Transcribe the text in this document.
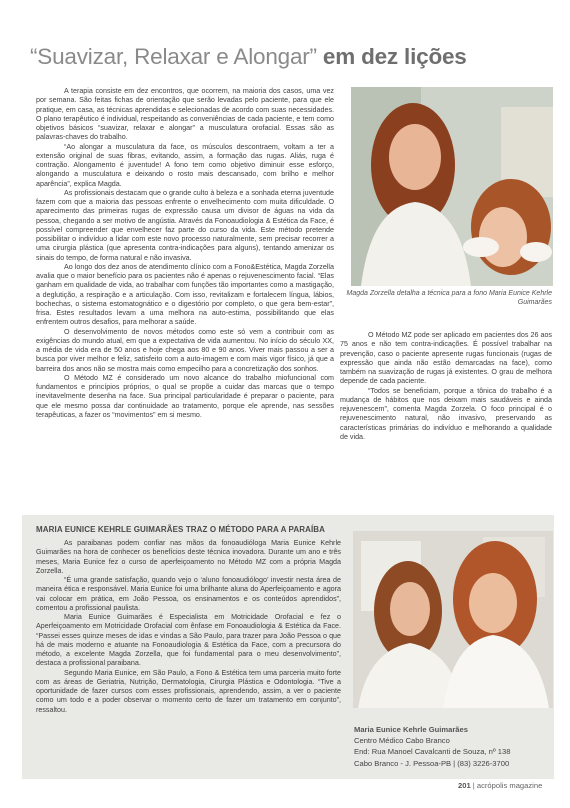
“Suavizar, Relaxar e Alongar” em dez lições

A terapia consiste em dez encontros, que ocorrem, na maioria dos casos, uma vez por semana. São feitas fichas de orientação que serão levadas pelo paciente, para que ele pratique, em casa, as técnicas aprendidas e selecionadas de acordo com suas necessidades. O plano terapêutico é individual, respeitando as conveniências de cada paciente, e tem como objetivos básicos “suavizar, relaxar e alongar” a musculatura orofacial. Essas são as palavras-chaves do trabalho.

“Ao alongar a musculatura da face, os músculos descontraem, voltam a ter a extensão original de suas fibras, evitando, assim, a formação das rugas. Aliás, ruga é contração. Alongamento é juventude! A fono tem como objetivo diminuir esse esforço, alongando a musculatura e deixando o rosto mais descansado, com brilho e melhor aparência”, explica Magda.

As profissionais destacam que o grande culto à beleza e a sonhada eterna juventude fazem com que a maioria das pessoas enfrente o envelhecimento com muita dificuldade. O aparecimento das primeiras rugas de expressão causa um divisor de águas na vida da pessoa, chegando a ser motivo de angústia. Através da Fonoaudiologia & Estética da Face, é possível compreender que envelhecer faz parte do curso da vida. Este método pretende possibilitar o indivíduo a lidar com este novo processo naturalmente, sem precisar recorrer a uma cirurgia plástica (que apresenta contra-indicações para alguns), tentando amenizar os sinais do tempo, de forma natural e não invasiva.

Ao longo dos dez anos de atendimento clínico com a Fono&Estética, Magda Zorzella avalia que o maior benefício para os pacientes não é apenas o rejuvenescimento facial. “Elas ganham em qualidade de vida, ao trabalhar com funções tão importantes como a mastigação, a deglutição, a respiração e a articulação. Com isso, revitalizam e fortalecem língua, lábios, bochechas, o sistema estomatognático e o digestório por completo, o que gera bem-estar”, frisa. Estes resultados levam a uma melhora na auto-estima, possibilitando que elas enfrentem outros desafios, para melhorar a saúde.

O desenvolvimento de novos métodos como este só vem a contribuir com as exigências do mundo atual, em que a expectativa de vida aumentou. No início do século XX, a média de vida era de 50 anos e hoje chega aos 80 e 90 anos. Viver mais passou a ser a busca por viver melhor e feliz, satisfeito com a auto-imagem e com mais vigor físico, já que a barreira dos anos não se mostra mais como empecilho para a concretização dos sonhos.

O Método MZ é considerado um novo alcance do trabalho miofuncional com fundamentos e princípios próprios, o qual se propõe a cuidar das marcas que o tempo inevitavelmente desenha na face. Sua principal particularidade é preparar o paciente, para que ele mesmo possa dar continuidade ao tratamento, porque ele aprende, nas sessões terapêuticas, a fazer os “movimentos” em si mesmo.

Magda Zorzella detalha a técnica para a fono Maria Eunice Kehrle Guimarães

O Método MZ pode ser aplicado em pacientes dos 26 aos 75 anos e não tem contra-indicações. É possível trabalhar na prevenção, caso o paciente apresente rugas funcionais (rugas de expressão que ainda não estão demarcadas na face), como também na suavização de rugas já existentes. O grau de melhora depende de cada paciente.

“Todos se beneficiam, porque a tônica do trabalho é a mudança de hábitos que nos deixam mais saudáveis e ainda rejuvenescem”, comenta Magda Zorzela. O foco principal é o rejuvenescimento natural, não invasivo, preservando as características primárias do indivíduo e melhorando a qualidade de vida.

MARIA EUNICE KEHRLE GUIMARÃES TRAZ O MÉTODO PARA A PARAÍBA

As paraibanas podem confiar nas mãos da fonoaudióloga Maria Eunice Kehrle Guimarães na hora de conhecer os benefícios deste técnica inovadora. Durante um ano e três meses, Maria Eunice fez o curso de aperfeiçoamento no Método MZ com a própria Magda Zorzella.

“É uma grande satisfação, quando vejo o ‘aluno fonoaudiólogo’ investir nesta área de maneira ética e responsável. Maria Eunice foi uma brilhante aluna do Aperfeiçoamento e agora vai colocar em prática, em João Pessoa, os ensinamentos e os conteúdos aprendidos”, comentou a profissional paulista.

Maria Eunice Guimarães é Especialista em Motricidade Orofacial e fez o Aperfeiçoamento em Motricidade Orofacial com ênfase em Fonoaudiologia & Estética da Face. “Passei esses quinze meses de idas e vindas a São Paulo, para trazer para João Pessoa o que há de mais moderno e atuante na Fonoaudiologia & Estética da Face, com a precursora do método, a excelente Magda Zorzella, que foi fundamental para o meu desenvolvimento”, destaca a profissional paraibana.

Segundo Maria Eunice, em São Paulo, a Fono & Estética tem uma parceria muito forte com as áreas de Geriatria, Nutrição, Dermatologia, Cirurgia Plástica e Odontologia. “Tive a oportunidade de fazer cursos com esses profissionais, aprendendo, assim, a ver o paciente como um todo e a poder observar o momento certo de fazer um tratamento em conjunto”, ressaltou.

Maria Eunice Kehrle Guimarães
Centro Médico Cabo Branco
End: Rua Manoel Cavalcanti de Souza, nº 138
Cabo Branco - J. Pessoa-PB | (83) 3226-3700
201 | acrópolis magazine
